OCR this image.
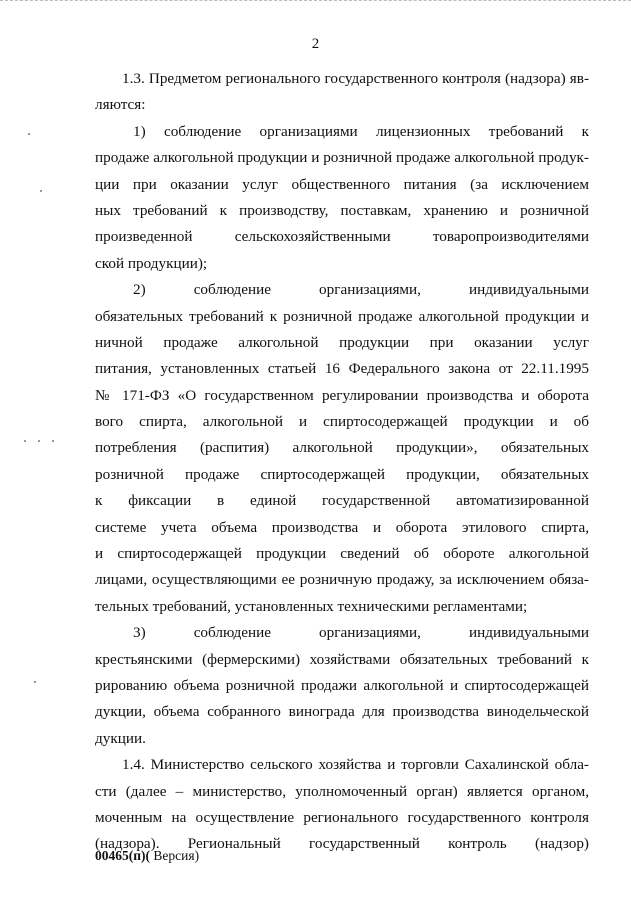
2
1.3. Предметом регионального государственного контроля (надзора) яв-
ляются:
1) соблюдение организациями лицензионных требований к
продаже алкогольной продукции и розничной продаже алкогольной продук-
ции при оказании услуг общественного питания (за исключением
ных требований к производству, поставкам, хранению и розничной
произведенной сельскохозяйственными товаропроизводителями
ской продукции);
2) соблюдение организациями, индивидуальными
обязательных требований к розничной продаже алкогольной продукции и
ничной продаже алкогольной продукции при оказании услуг
питания, установленных статьей 16 Федерального закона от 22.11.1995
№ 171-ФЗ «О государственном регулировании производства и оборота
вого спирта, алкогольной и спиртосодержащей продукции и об
потребления (распития) алкогольной продукции», обязательных
розничной продаже спиртосодержащей продукции, обязательных
к фиксации в единой государственной автоматизированной
системе учета объема производства и оборота этилового спирта,
и спиртосодержащей продукции сведений об обороте алкогольной
лицами, осуществляющими ее розничную продажу, за исключением обяза-
тельных требований, установленных техническими регламентами;
3) соблюдение организациями, индивидуальными
крестьянскими (фермерскими) хозяйствами обязательных требований к
рированию объема розничной продажи алкогольной и спиртосодержащей
дукции, объема собранного винограда для производства винодельческой
дукции.
1.4. Министерство сельского хозяйства и торговли Сахалинской обла-
сти (далее – министерство, уполномоченный орган) является органом,
моченным на осуществление регионального государственного контроля
(надзора). Региональный государственный контроль (надзор)
00465(п)( Версия)
